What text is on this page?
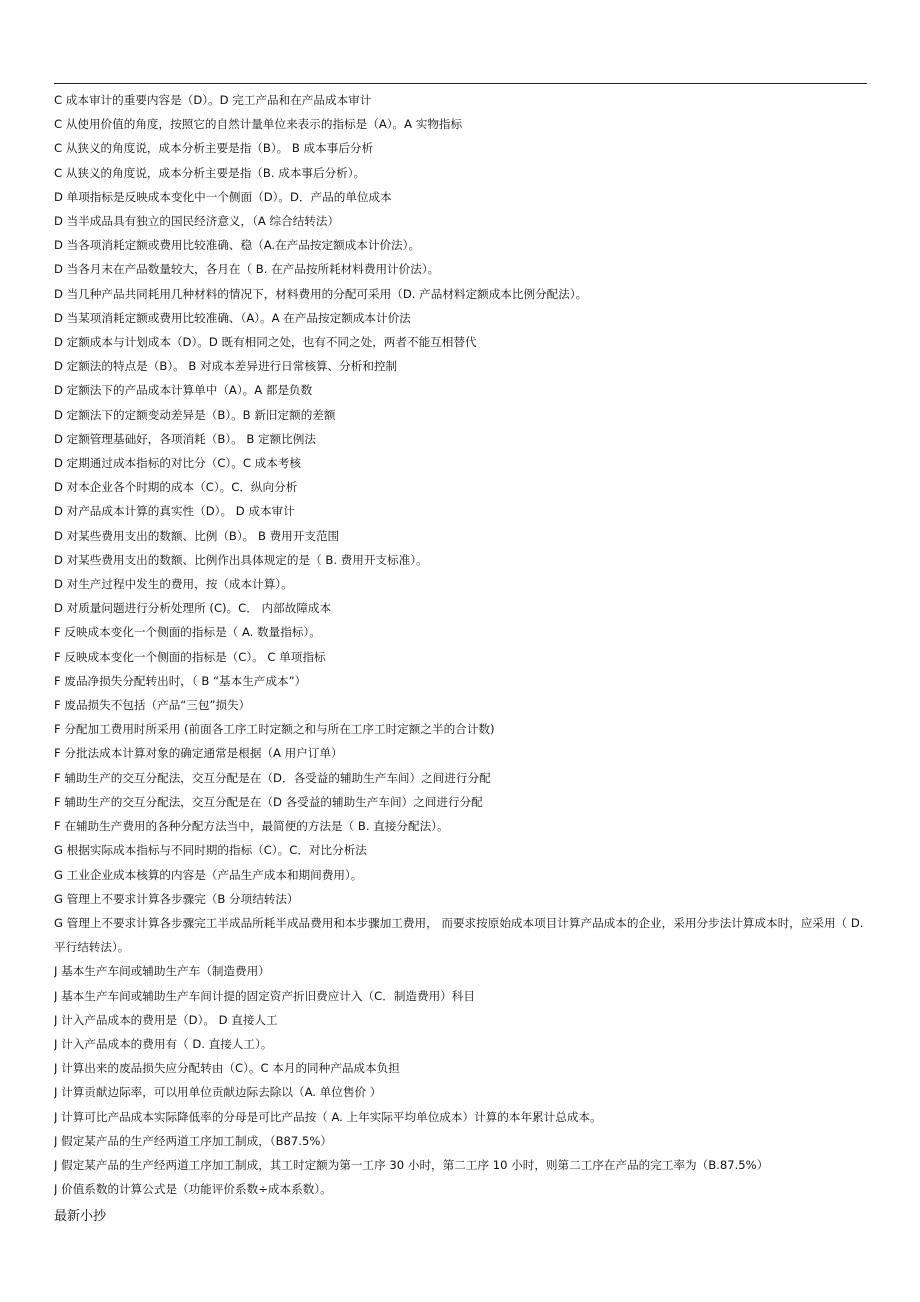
C 成本审计的重要内容是（D）。D 完工产品和在产品成本审计
C 从使用价值的角度，按照它的自然计量单位来表示的指标是（A）。A 实物指标
C 从狭义的角度说，成本分析主要是指（B）。 B 成本事后分析
C 从狭义的角度说，成本分析主要是指（B. 成本事后分析）。
D 单项指标是反映成本变化中一个侧面（D）。D．产品的单位成本
D 当半成品具有独立的国民经济意义，（A 综合结转法）
D 当各项消耗定额或费用比较准确、稳（A.在产品按定额成本计价法）。
D 当各月末在产品数量较大，各月在（ B. 在产品按所耗材料费用计价法）。
D 当几种产品共同耗用几种材料的情况下，材料费用的分配可采用（D. 产品材料定额成本比例分配法）。
D 当某项消耗定额或费用比较准确、（A）。A 在产品按定额成本计价法
D 定额成本与计划成本（D）。D 既有相同之处，也有不同之处，两者不能互相替代
D 定额法的特点是（B）。 B 对成本差异进行日常核算、分析和控制
D 定额法下的产品成本计算单中（A）。A 都是负数
D 定额法下的定额变动差异是（B）。B 新旧定额的差额
D 定额管理基础好，各项消耗（B）。 B 定额比例法
D 定期通过成本指标的对比分（C）。C 成本考核
D 对本企业各个时期的成本（C）。C．纵向分析
D 对产品成本计算的真实性（D）。 D 成本审计
D 对某些费用支出的数额、比例（B）。 B 费用开支范围
D 对某些费用支出的数额、比例作出具体规定的是（ B. 费用开支标准）。
D 对生产过程中发生的费用，按（成本计算）。
D 对质量问题进行分析处理所 (C)。C． 内部故障成本
F 反映成本变化一个侧面的指标是（ A. 数量指标）。
F 反映成本变化一个侧面的指标是（C）。 C 单项指标
F 废品净损失分配转出时，（ B “基本生产成本”）
F 废品损失不包括（产品“三包”损失）
F 分配加工费用时所采用 (前面各工序工时定额之和与所在工序工时定额之半的合计数)
F 分批法成本计算对象的确定通常是根据（A 用户订单）
F 辅助生产的交互分配法，交互分配是在（D．各受益的辅助生产车间）之间进行分配
F 辅助生产的交互分配法，交互分配是在（D 各受益的辅助生产车间）之间进行分配
F 在辅助生产费用的各种分配方法当中，最简便的方法是（ B. 直接分配法）。
G 根据实际成本指标与不同时期的指标（C）。C．对比分析法
G 工业企业成本核算的内容是（产品生产成本和期间费用）。
G 管理上不要求计算各步骤完（B 分项结转法）
G 管理上不要求计算各步骤完工半成品所耗半成品费用和本步骤加工费用， 而要求按原始成本项目计算产品成本的企业，采用分步法计算成本时，应采用（ D. 平行结转法）。
J 基本生产车间或辅助生产车（制造费用）
J 基本生产车间或辅助生产车间计提的固定资产折旧费应计入（C．制造费用）科目
J 计入产品成本的费用是（D）。 D 直接人工
J 计入产品成本的费用有（ D. 直接人工）。
J 计算出来的废品损失应分配转由（C）。C 本月的同种产品成本负担
J 计算贡献边际率，可以用单位贡献边际去除以（A. 单位售价 ）
J 计算可比产品成本实际降低率的分母是可比产品按（ A. 上年实际平均单位成本）计算的本年累计总成本。
J 假定某产品的生产经两道工序加工制成，（B87.5%）
J 假定某产品的生产经两道工序加工制成，其工时定额为第一工序 30 小时，第二工序 10 小时，则第二工序在产品的完工率为（B.87.5%）
J 价值系数的计算公式是（功能评价系数÷成本系数）。
最新小抄
